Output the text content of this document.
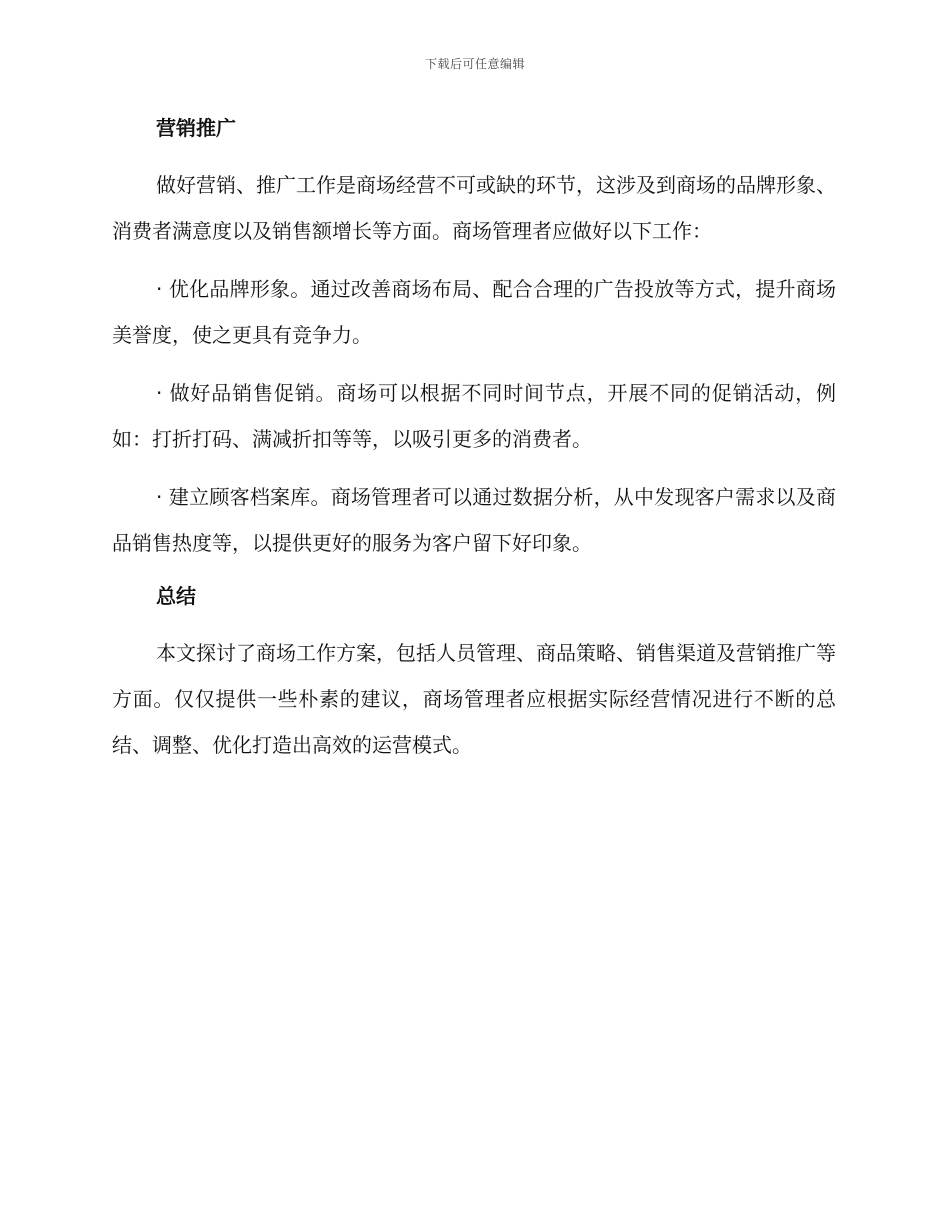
下载后可任意编辑
营销推广

做好营销、推广工作是商场经营不可或缺的环节，这涉及到商场的品牌形象、消费者满意度以及销售额增长等方面。商场管理者应做好以下工作：

· 优化品牌形象。通过改善商场布局、配合合理的广告投放等方式，提升商场美誉度，使之更具有竞争力。

· 做好品销售促销。商场可以根据不同时间节点，开展不同的促销活动，例如：打折打码、满减折扣等等，以吸引更多的消费者。

· 建立顾客档案库。商场管理者可以通过数据分析，从中发现客户需求以及商品销售热度等，以提供更好的服务为客户留下好印象。

总结

本文探讨了商场工作方案，包括人员管理、商品策略、销售渠道及营销推广等方面。仅仅提供一些朴素的建议，商场管理者应根据实际经营情况进行不断的总结、调整、优化打造出高效的运营模式。
